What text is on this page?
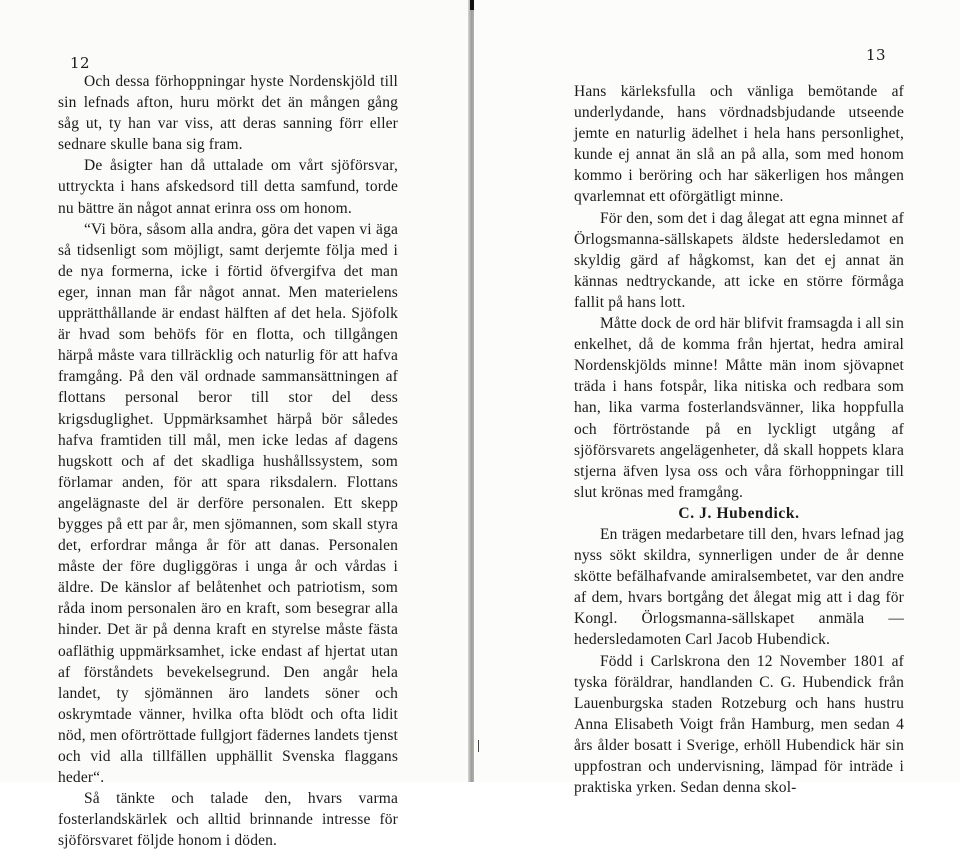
12

Och dessa förhoppningar hyste Nordenskjöld till sin lefnads afton, huru mörkt det än mången gång såg ut, ty han var viss, att deras sanning förr eller sednare skulle bana sig fram.

De åsigter han då uttalade om vårt sjöförsvar, uttryckta i hans afskedsord till detta samfund, torde nu bättre än något annat erinra oss om honom.

“Vi böra, såsom alla andra, göra det vapen vi äga så tidsenligt som möjligt, samt derjemte följa med i de nya formerna, icke i förtid öfvergifva det man eger, innan man får något annat. Men materielens upprätthållande är endast hälften af det hela. Sjöfolk är hvad som behöfs för en flotta, och tillgången härpå måste vara tillräcklig och naturlig för att hafva framgång. På den väl ordnade sammansättningen af flottans personal beror till stor del dess krigsduglighet. Uppmärksamhet härpå bör således hafva framtiden till mål, men icke ledas af dagens hugskott och af det skadliga hushållssystem, som förlamar anden, för att spara riksdalern. Flottans angelägnaste del är derföre personalen. Ett skepp bygges på ett par år, men sjömannen, som skall styra det, erfordrar många år för att danas. Personalen måste der före dugliggöras i unga år och vårdas i äldre. De känslor af belåtenhet och patriotism, som råda inom personalen äro en kraft, som besegrar alla hinder. Det är på denna kraft en styrelse måste fästa oafläthig uppmärksamhet, icke endast af hjertat utan af förståndets bevekelsegrund. Den angår hela landet, ty sjömännen äro landets söner och oskrymtade vänner, hvilka ofta blödt och ofta lidit nöd, men oförtröttade fullgjort fädernes landets tjenst och vid alla tillfällen upphällit Svenska flaggans heder“.

Så tänkte och talade den, hvars varma fosterlandskärlek och alltid brinnande intresse för sjöförsvaret följde honom i döden.

13

Hans kärleksfulla och vänliga bemötande af underlydande, hans vördnadsbjudande utseende jemte en naturlig ädelhet i hela hans personlighet, kunde ej annat än slå an på alla, som med honom kommo i beröring och har säkerligen hos mången qvarlemnat ett oförgätligt minne.

För den, som det i dag ålegat att egna minnet af Örlogsmanna-sällskapets äldste hedersledamot en skyldig gärd af hågkomst, kan det ej annat än kännas nedtryckande, att icke en större förmåga fallit på hans lott.

Måtte dock de ord här blifvit framsagda i all sin enkelhet, då de komma från hjertat, hedra amiral Nordenskjölds minne! Måtte män inom sjövapnet träda i hans fotspår, lika nitiska och redbara som han, lika varma fosterlandsvänner, lika hoppfulla och förtröstande på en lyckligt utgång af sjöförsvarets angelägenheter, då skall hoppets klara stjerna äfven lysa oss och våra förhoppningar till slut krönas med framgång.

C. J. Hubendick.

En trägen medarbetare till den, hvars lefnad jag nyss sökt skildra, synnerligen under de år denne skötte befälhafvande amiralsembetet, var den andre af dem, hvars bortgång det ålegat mig att i dag för Kongl. Örlogsmanna-sällskapet anmäla — hedersledamoten Carl Jacob Hubendick.

Född i Carlskrona den 12 November 1801 af tyska föräldrar, handlanden C. G. Hubendick från Lauenburgska staden Rotzeburg och hans hustru Anna Elisabeth Voigt från Hamburg, men sedan 4 års ålder bosatt i Sverige, erhöll Hubendick här sin uppfostran och undervisning, lämpad för inträde i praktiska yrken. Sedan denna skol-
